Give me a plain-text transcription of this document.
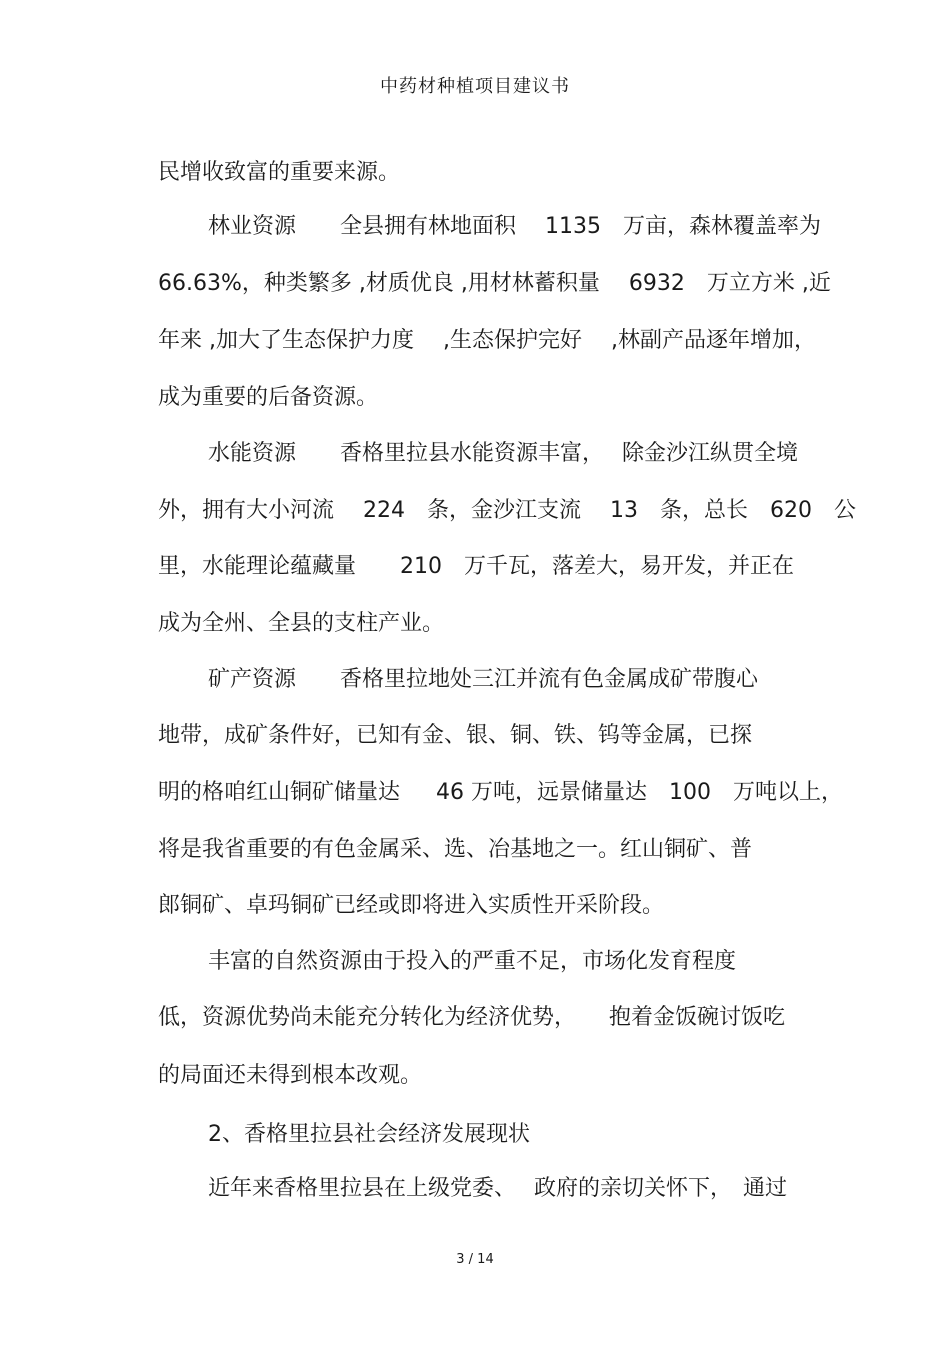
中药材种植项目建议书
民增收致富的重要来源。
林业资源　　全县拥有林地面积　 1135　万亩，森林覆盖率为
66.63%，种类繁多 ,材质优良 ,用材林蓄积量 　6932　万立方米 ,近
年来 ,加大了生态保护力度 　,生态保护完好 　,林副产品逐年增加，
成为重要的后备资源。
水能资源　　香格里拉县水能资源丰富，　 除金沙江纵贯全境
外，拥有大小河流 　224　条，金沙江支流 　13　条，总长　620　公
里，水能理论蕴藏量　　210　万千瓦，落差大，易开发，并正在
成为全州、全县的支柱产业。
矿产资源　　香格里拉地处三江并流有色金属成矿带腹心
地带，成矿条件好，已知有金、银、铜、铁、钨等金属，已探
明的格咱红山铜矿储量达 　 46 万吨，远景储量达　100　万吨以上，
将是我省重要的有色金属采、选、冶基地之一。红山铜矿、普
郎铜矿、卓玛铜矿已经或即将进入实质性开采阶段。
丰富的自然资源由于投入的严重不足，市场化发育程度
低，资源优势尚未能充分转化为经济优势，　　抱着金饭碗讨饭吃
的局面还未得到根本改观。
2、香格里拉县社会经济发展现状
近年来香格里拉县在上级党委、　 政府的亲切关怀下，　通过
3 / 14
